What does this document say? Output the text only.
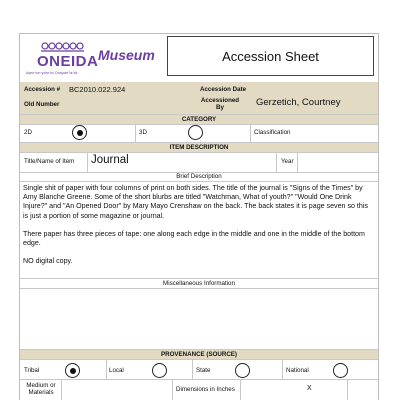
ONEIDA
Ayen·tun·yʌhe·kʌ Onʌyote?a·ká
Museum	Accession Sheet
Accession # BC2010.022.924	Accession Date
Old Number
Accessioned By	Gerzetich, Courtney
CATEGORY
2D	3D	Classification
ITEM DESCRIPTION
Title/Name of Item Journal	Year
Brief Description
Single shit of paper with four columns of print on both sides. The title of the journal is "Signs of the Times" by Amy Blanche Greene. Some of the short blurbs are titled "Watchman, What of youth?" "Would One Drink Injure?" and "An Opened Door" by Mary Mayo Crenshaw on the back. The back states it is page seven so this is just a portion of some magazine or journal.
There paper has three pieces of tape: one along each edge in the middle and one in the middle of the bottom edge.
NO digital copy.
Miscellaneous Information
PROVENANCE (SOURCE)
Tribal	Local	State	National
Medium or Materials	Dimensions in Inches	X
